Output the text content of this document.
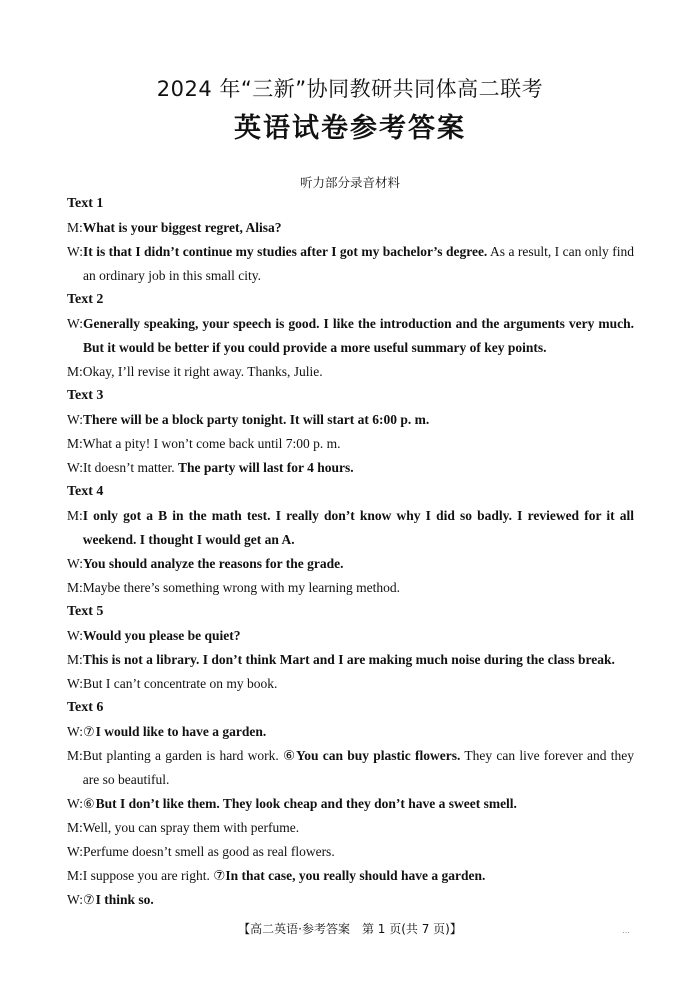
2024 年“三新”协同教研共同体高二联考
英语试卷参考答案
听力部分录音材料
Text 1
M: What is your biggest regret, Alisa?
W: It is that I didn’t continue my studies after I got my bachelor’s degree. As a result, I can only find an ordinary job in this small city.
Text 2
W: Generally speaking, your speech is good. I like the introduction and the arguments very much. But it would be better if you could provide a more useful summary of key points.
M: Okay, I’ll revise it right away. Thanks, Julie.
Text 3
W: There will be a block party tonight. It will start at 6:00 p. m.
M: What a pity! I won’t come back until 7:00 p. m.
W: It doesn’t matter. The party will last for 4 hours.
Text 4
M: I only got a B in the math test. I really don’t know why I did so badly. I reviewed for it all weekend. I thought I would get an A.
W: You should analyze the reasons for the grade.
M: Maybe there’s something wrong with my learning method.
Text 5
W: Would you please be quiet?
M: This is not a library. I don’t think Mart and I are making much noise during the class break.
W: But I can’t concentrate on my book.
Text 6
W: ⑦I would like to have a garden.
M: But planting a garden is hard work. ⑥You can buy plastic flowers. They can live forever and they are so beautiful.
W: ⑥But I don’t like them. They look cheap and they don’t have a sweet smell.
M: Well, you can spray them with perfume.
W: Perfume doesn’t smell as good as real flowers.
M: I suppose you are right. ⑦In that case, you really should have a garden.
W: ⑦I think so.
【高二英语·参考答案　第 1 页(共 7 页)】	…
